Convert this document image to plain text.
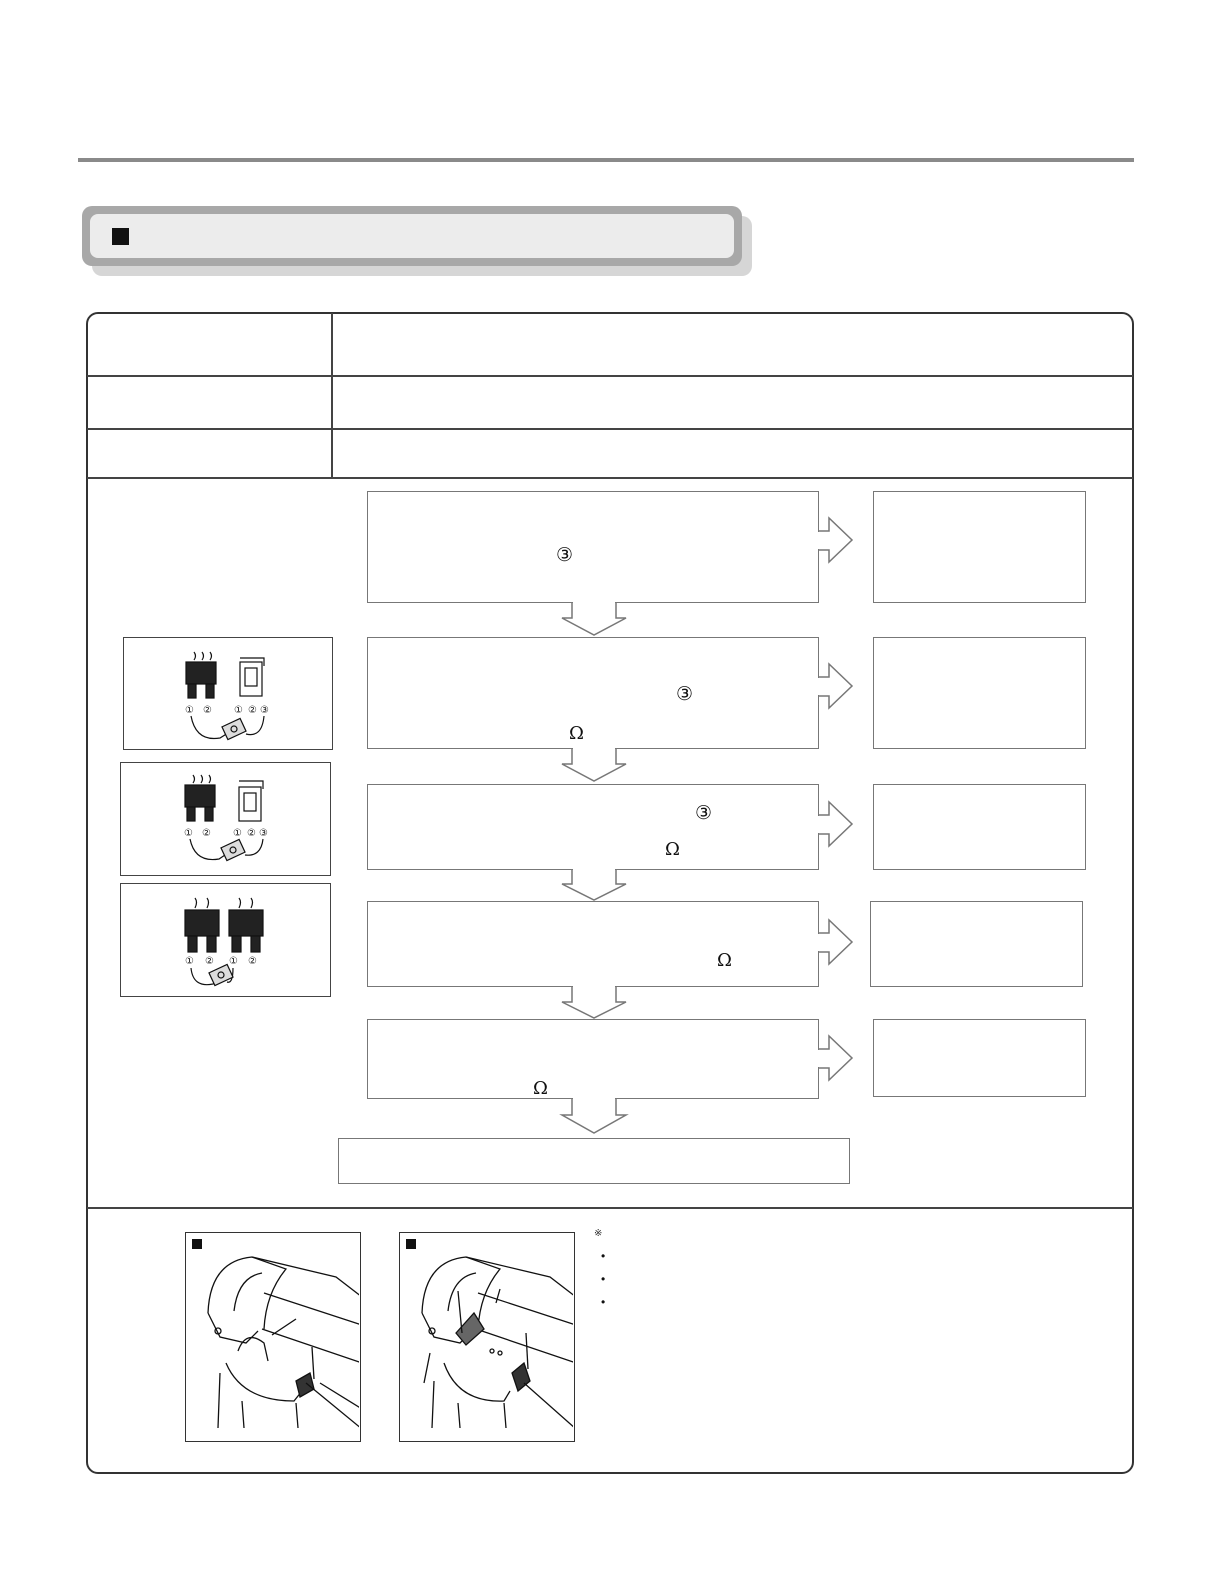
③
③
Ω
③
Ω
Ω
Ω
① ② ① ② ③
① ② ① ② ③
① ② ① ②
※
•
•
•
